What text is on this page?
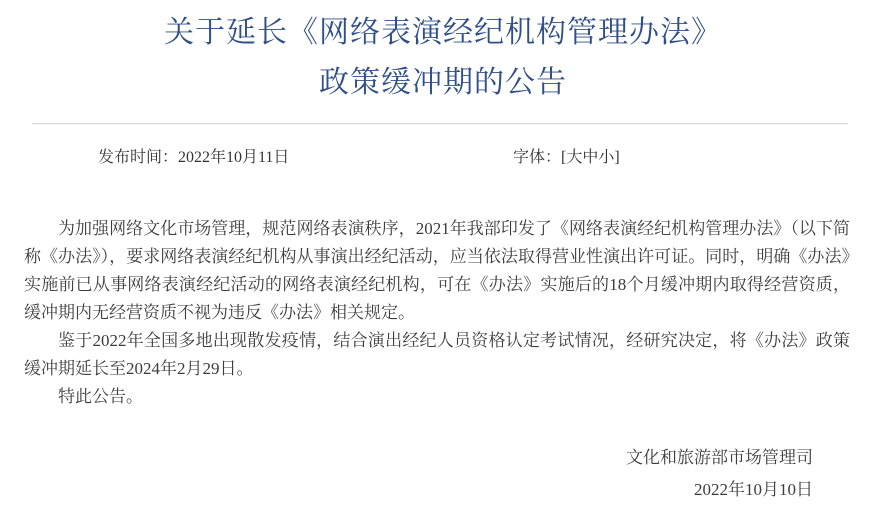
关于延长《网络表演经纪机构管理办法》
政策缓冲期的公告
发布时间：2022年10月11日	字体：[大中小]

为加强网络文化市场管理，规范网络表演秩序，2021年我部印发了《网络表演经纪机构管理办法》（以下简称《办法》），要求网络表演经纪机构从事演出经纪活动，应当依法取得营业性演出许可证。同时，明确《办法》实施前已从事网络表演经纪活动的网络表演经纪机构，可在《办法》实施后的18个月缓冲期内取得经营资质，缓冲期内无经营资质不视为违反《办法》相关规定。

鉴于2022年全国多地出现散发疫情，结合演出经纪人员资格认定考试情况，经研究决定，将《办法》政策缓冲期延长至2024年2月29日。

特此公告。

文化和旅游部市场管理司
2022年10月10日
